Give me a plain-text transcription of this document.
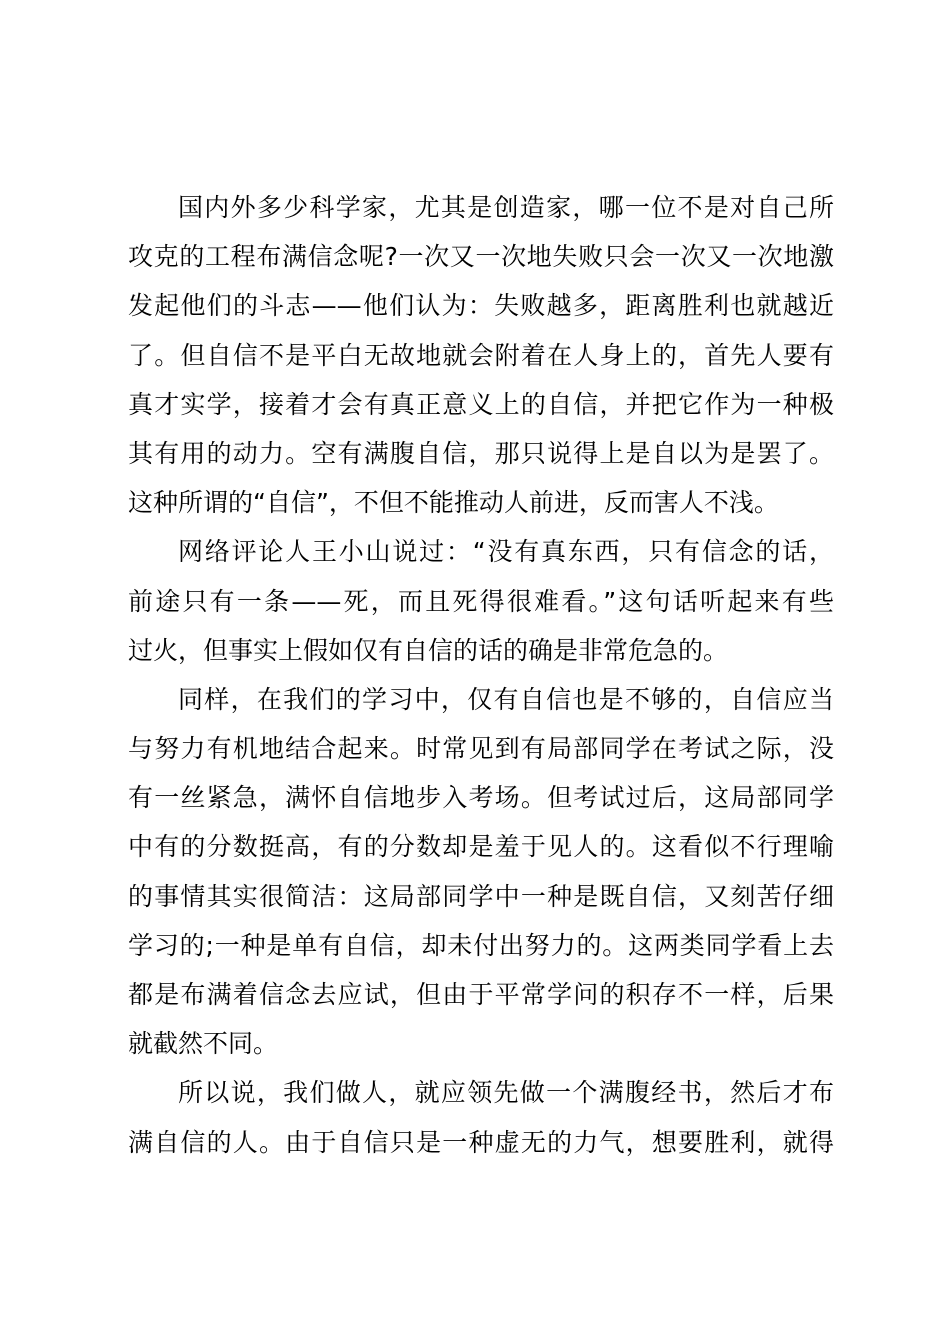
国内外多少科学家，尤其是创造家，哪一位不是对自己所
攻克的工程布满信念呢?一次又一次地失败只会一次又一次地激
发起他们的斗志——他们认为：失败越多，距离胜利也就越近
了。但自信不是平白无故地就会附着在人身上的，首先人要有
真才实学，接着才会有真正意义上的自信，并把它作为一种极
其有用的动力。空有满腹自信，那只说得上是自以为是罢了。
这种所谓的“自信”，不但不能推动人前进，反而害人不浅。
网络评论人王小山说过：“没有真东西，只有信念的话，
前途只有一条——死，而且死得很难看。”这句话听起来有些
过火，但事实上假如仅有自信的话的确是非常危急的。
同样，在我们的学习中，仅有自信也是不够的，自信应当
与努力有机地结合起来。时常见到有局部同学在考试之际，没
有一丝紧急，满怀自信地步入考场。但考试过后，这局部同学
中有的分数挺高，有的分数却是羞于见人的。这看似不行理喻
的事情其实很简洁：这局部同学中一种是既自信，又刻苦仔细
学习的;一种是单有自信，却未付出努力的。这两类同学看上去
都是布满着信念去应试，但由于平常学问的积存不一样，后果
就截然不同。
所以说，我们做人，就应领先做一个满腹经书，然后才布
满自信的人。由于自信只是一种虚无的力气，想要胜利，就得
